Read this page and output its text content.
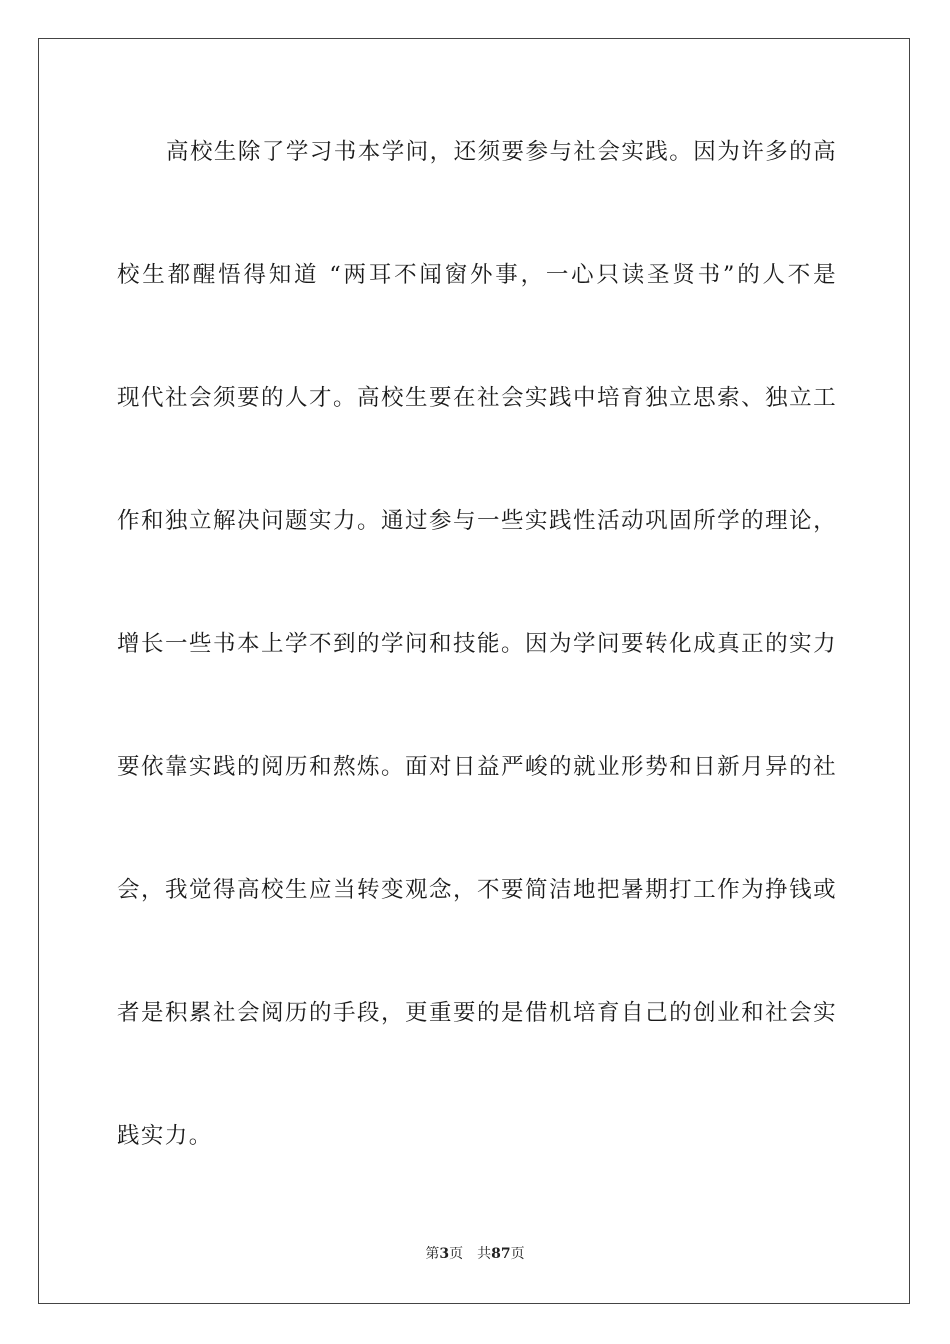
高校生除了学习书本学问，还须要参与社会实践。因为许多的高
校生都醒悟得知道 “两耳不闻窗外事，一心只读圣贤书”的人不是
现代社会须要的人才。高校生要在社会实践中培育独立思索、独立工
作和独立解决问题实力。通过参与一些实践性活动巩固所学的理论，
增长一些书本上学不到的学问和技能。因为学问要转化成真正的实力
要依靠实践的阅历和熬炼。面对日益严峻的就业形势和日新月异的社
会，我觉得高校生应当转变观念，不要简洁地把暑期打工作为挣钱或
者是积累社会阅历的手段，更重要的是借机培育自己的创业和社会实
践实力。
第3页 共87页
